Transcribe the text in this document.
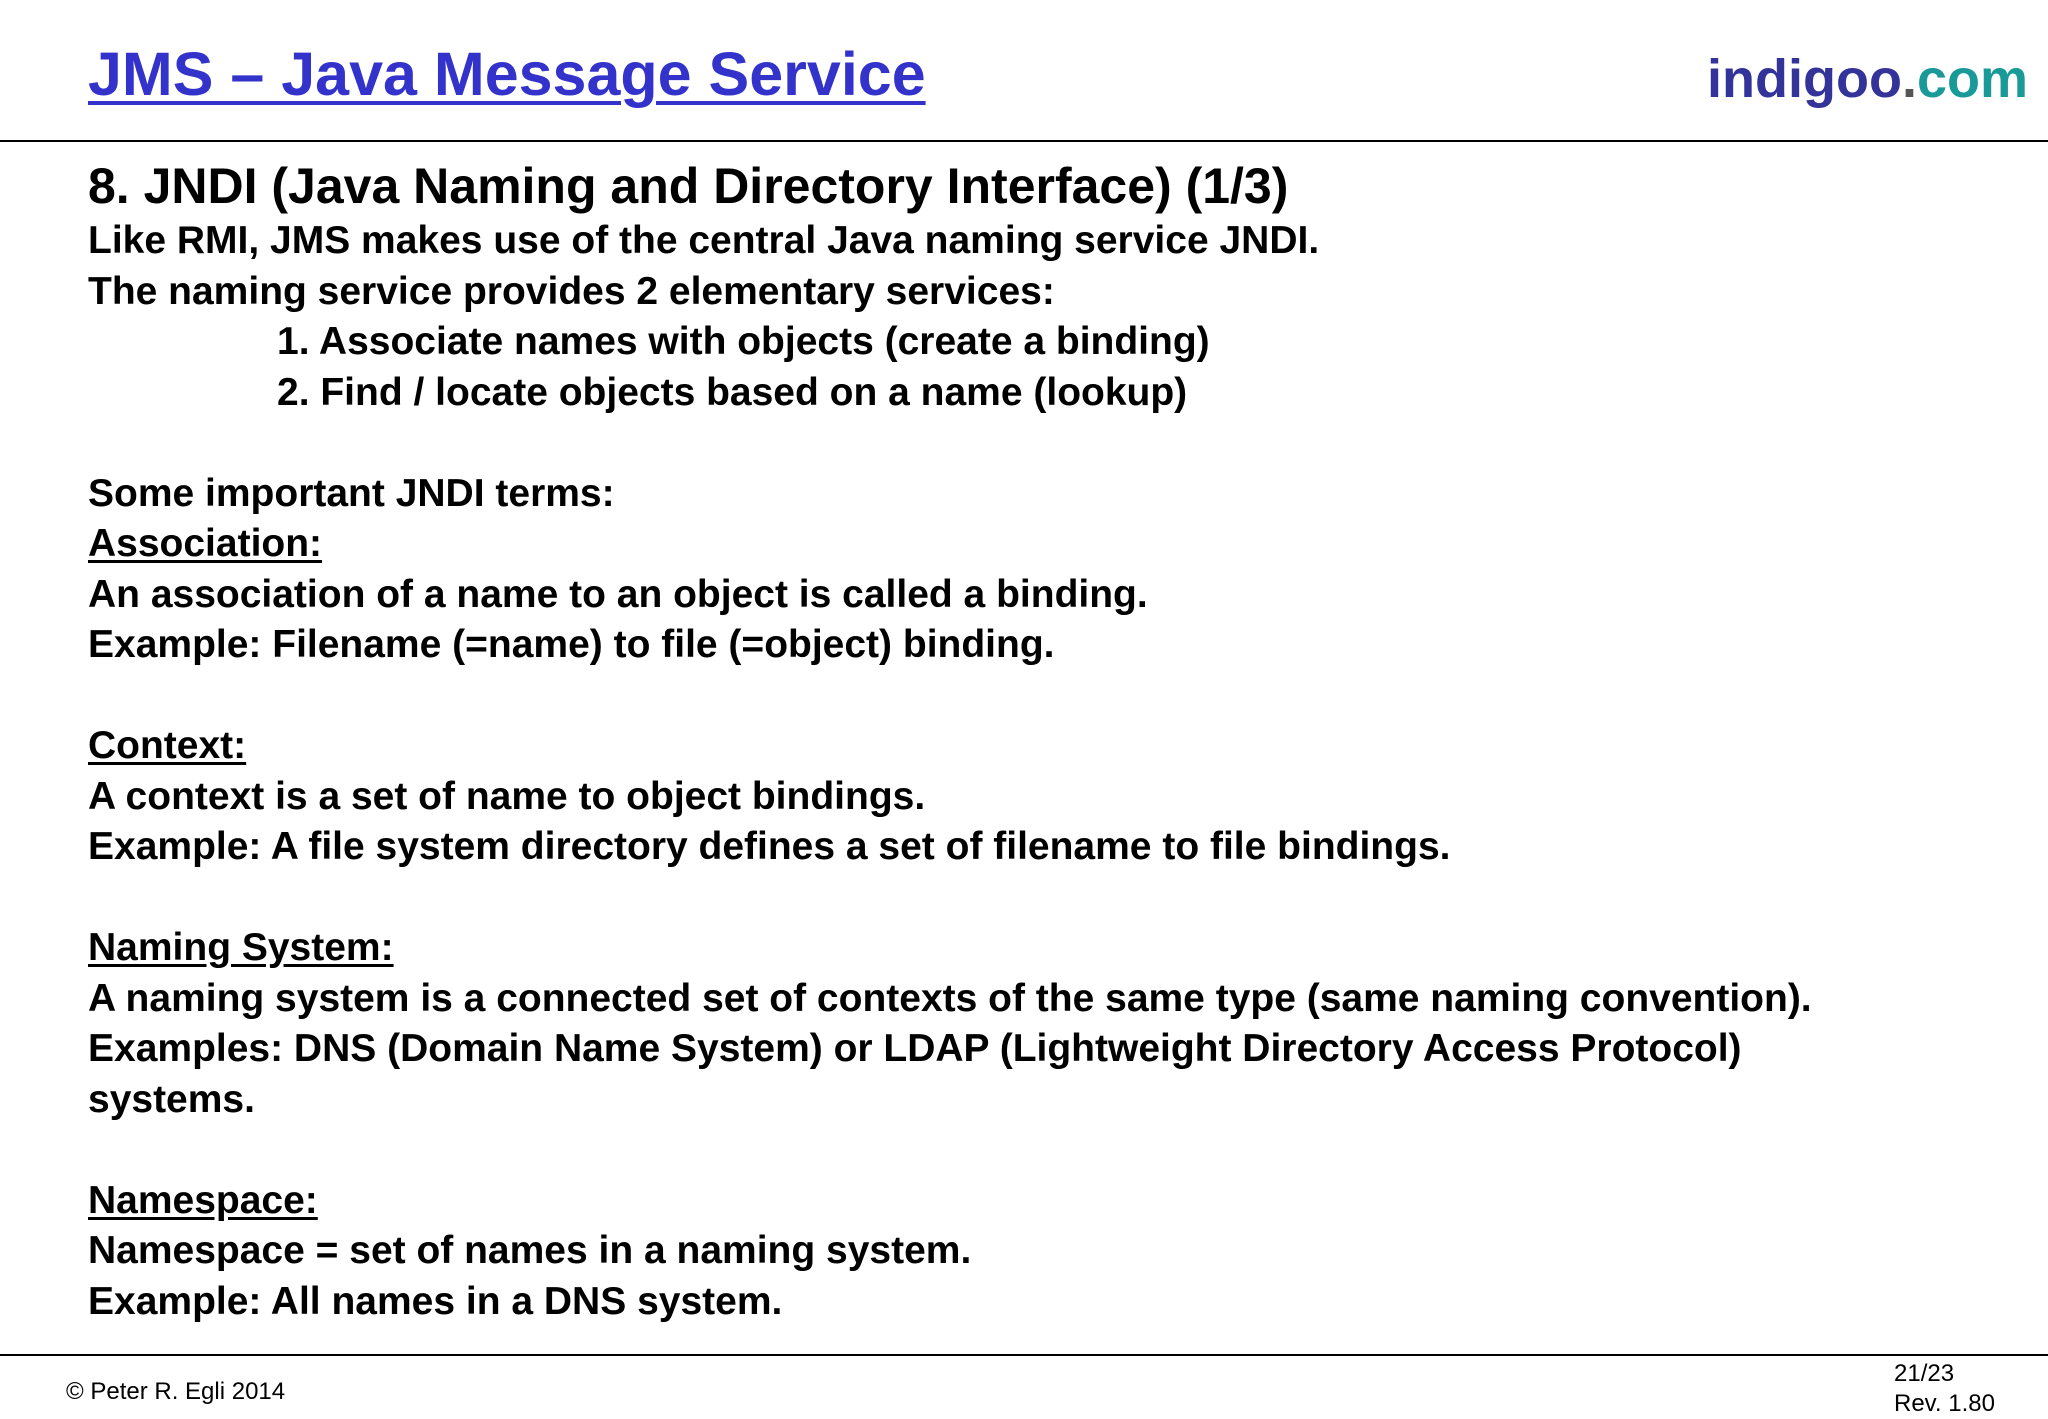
JMS – Java Message Service	indigoo.com
8. JNDI (Java Naming and Directory Interface) (1/3)
Like RMI, JMS makes use of the central Java naming service JNDI.
The naming service provides 2 elementary services:
1. Associate names with objects (create a binding)
2. Find / locate objects based on a name (lookup)
Some important JNDI terms:
Association:
An association of a name to an object is called a binding.
Example: Filename (=name) to file (=object) binding.
Context:
A context is a set of name to object bindings.
Example: A file system directory defines a set of filename to file bindings.
Naming System:
A naming system is a connected set of contexts of the same type (same naming convention).
Examples: DNS (Domain Name System) or LDAP (Lightweight Directory Access Protocol)
systems.
Namespace:
Namespace = set of names in a naming system.
Example: All names in a DNS system.
© Peter R. Egli 2014
21/23
Rev. 1.80
